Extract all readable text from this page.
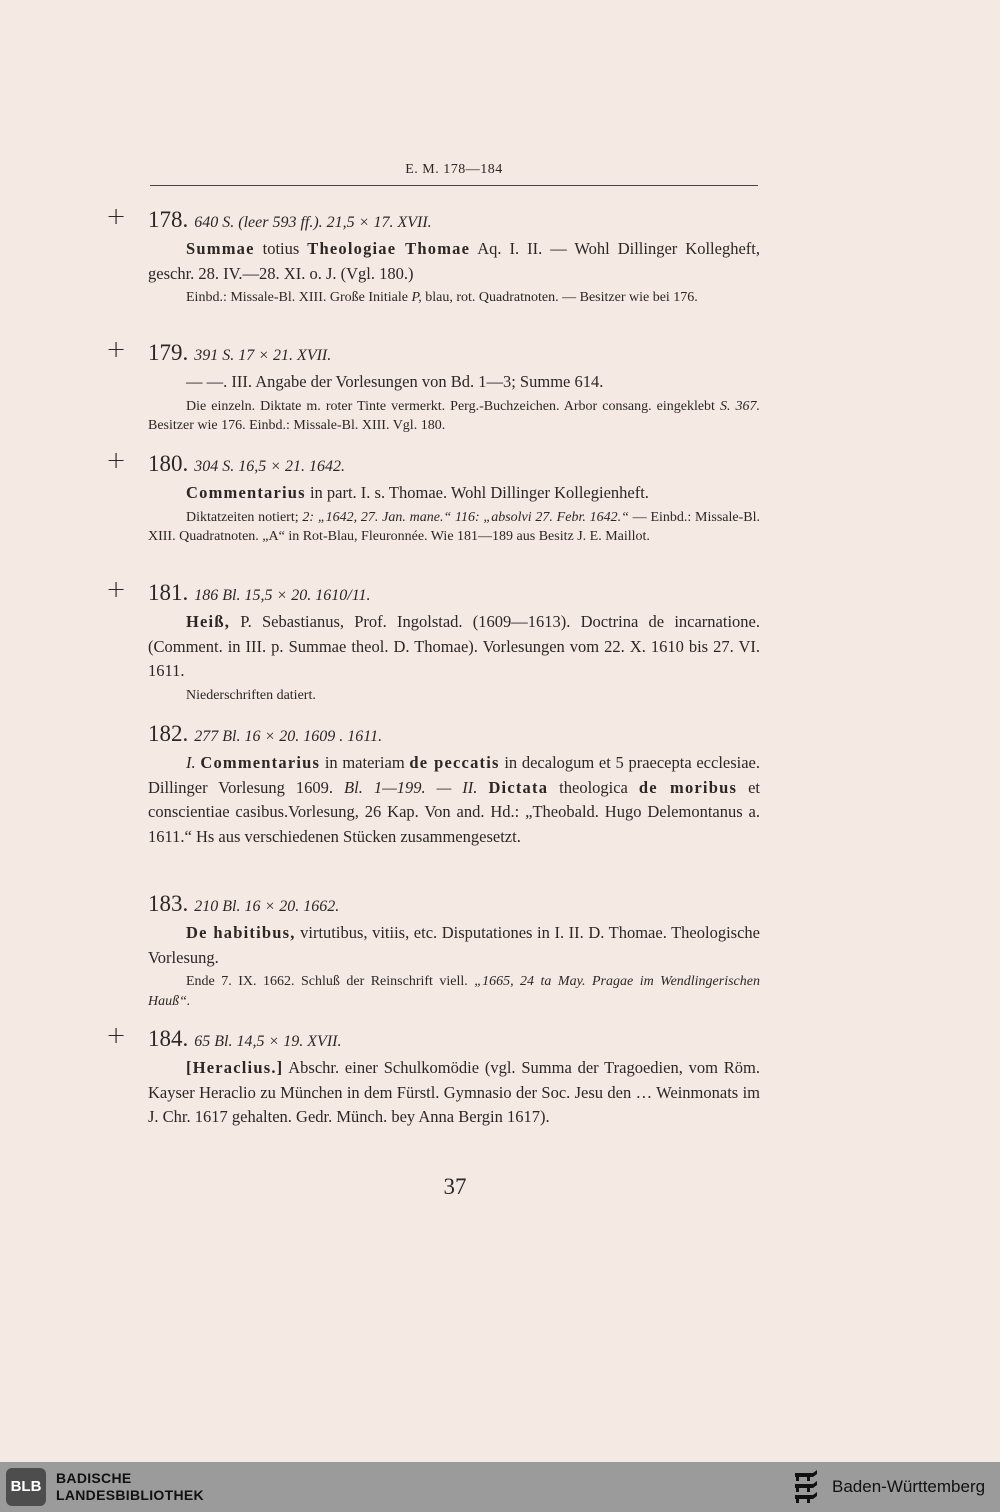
E. M. 178—184
+ 178. 640 S. (leer 593 ff.). 21,5 × 17. XVII.
Summae totius Theologiae Thomae Aq. I. II. — Wohl Dillinger Kollegheft, geschr. 28. IV.—28. XI. o. J. (Vgl. 180.)
Einbd.: Missale-Bl. XIII. Große Initiale P, blau, rot. Quadratnoten. — Besitzer wie bei 176.
+ 179. 391 S. 17 × 21. XVII.
— —. III. Angabe der Vorlesungen von Bd. 1—3; Summe 614.
Die einzeln. Diktate m. roter Tinte vermerkt. Perg.-Buchzeichen. Arbor consang. eingeklebt S. 367. Besitzer wie 176. Einbd.: Missale-Bl. XIII. Vgl. 180.
+ 180. 304 S. 16,5 × 21. 1642.
Commentarius in part. I. s. Thomae. Wohl Dillinger Kollegienheft.
Diktatzeiten notiert; 2: „1642, 27. Jan. mane.“ 116: „absolvi 27. Febr. 1642.“ — Einbd.: Missale-Bl. XIII. Quadratnoten. „A“ in Rot-Blau, Fleuronnée. Wie 181—189 aus Besitz J. E. Maillot.
+ 181. 186 Bl. 15,5 × 20. 1610/11.
Heiß, P. Sebastianus, Prof. Ingolstad. (1609—1613). Doctrina de incarnatione. (Comment. in III. p. Summae theol. D. Thomae). Vorlesungen vom 22. X. 1610 bis 27. VI. 1611.
Niederschriften datiert.
182. 277 Bl. 16 × 20. 1609 . 1611.
I. Commentarius in materiam de peccatis in decalogum et 5 praecepta ecclesiae. Dillinger Vorlesung 1609. Bl. 1—199. — II. Dictata theologica de moribus et conscientiae casibus.Vorlesung, 26 Kap. Von and. Hd.: „Theobald. Hugo Delemontanus a. 1611.“ Hs aus verschiedenen Stücken zusammengesetzt.
183. 210 Bl. 16 × 20. 1662.
De habitibus, virtutibus, vitiis, etc. Disputationes in I. II. D. Thomae. Theologische Vorlesung.
Ende 7. IX. 1662. Schluß der Reinschrift viell. „1665, 24 ta May. Pragae im Wendlingerischen Hauß“.
+ 184. 65 Bl. 14,5 × 19. XVII.
[Heraclius.] Abschr. einer Schulkomödie (vgl. Summa der Tragoedien, vom Röm. Kayser Heraclio zu München in dem Fürstl. Gymnasio der Soc. Jesu den … Weinmonats im J. Chr. 1617 gehalten. Gedr. Münch. bey Anna Bergin 1617).
37
BLB	BADISCHE
LANDESBIBLIOTHEK	Baden-Württemberg
